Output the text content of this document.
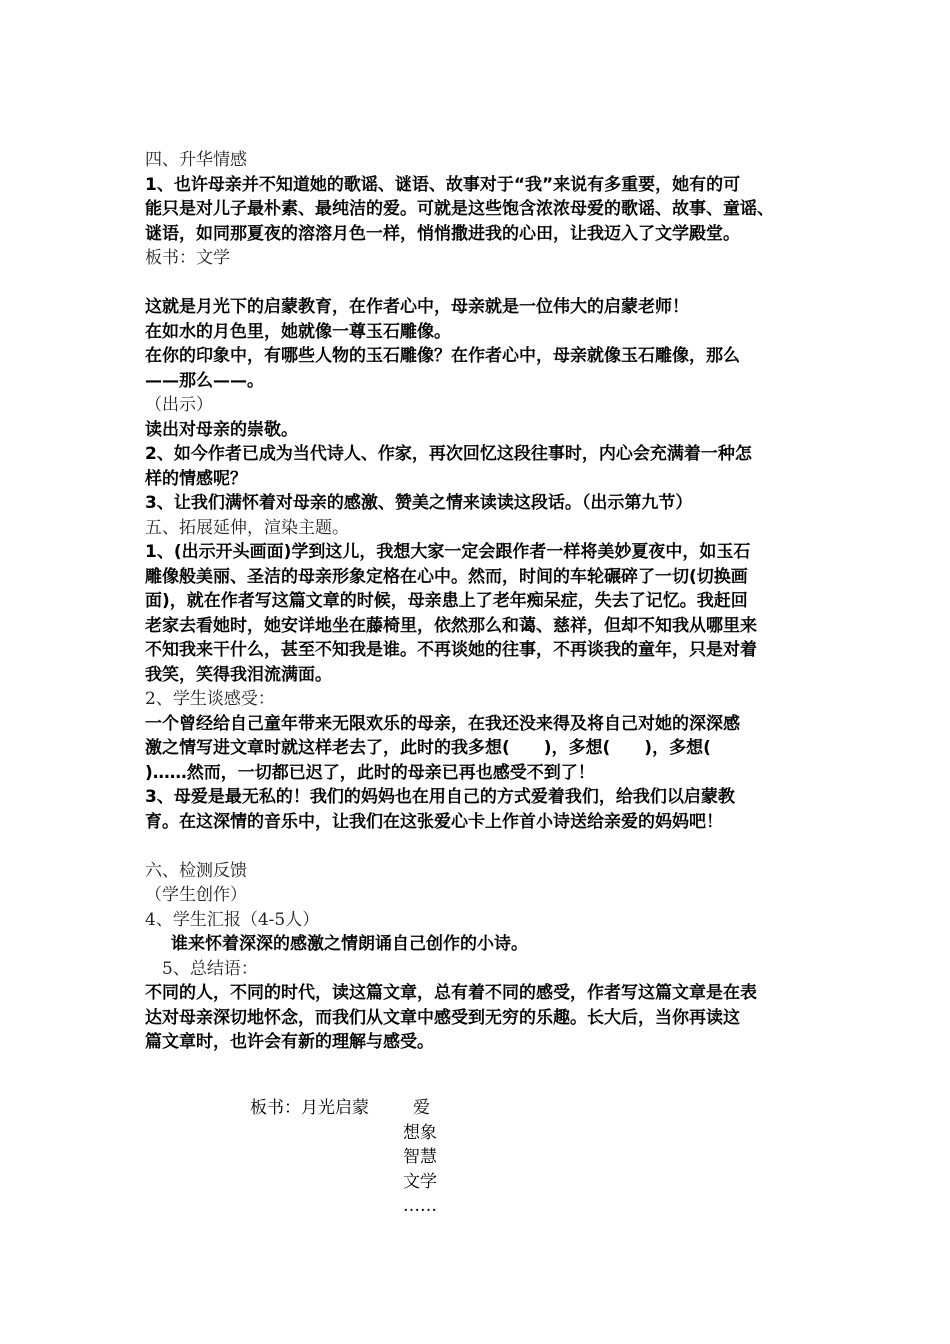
四、升华情感
1、也许母亲并不知道她的歌谣、谜语、故事对于“我”来说有多重要，她有的可
能只是对儿子最朴素、最纯洁的爱。可就是这些饱含浓浓母爱的歌谣、故事、童谣、
谜语，如同那夏夜的溶溶月色一样，悄悄撒进我的心田，让我迈入了文学殿堂。
板书：文学
这就是月光下的启蒙教育，在作者心中，母亲就是一位伟大的启蒙老师！
在如水的月色里，她就像一尊玉石雕像。
在你的印象中，有哪些人物的玉石雕像？在作者心中，母亲就像玉石雕像，那么
——那么——。
（出示）
读出对母亲的崇敬。
2、如今作者已成为当代诗人、作家，再次回忆这段往事时，内心会充满着一种怎
样的情感呢？
3、让我们满怀着对母亲的感激、赞美之情来读读这段话。（出示第九节）
五、拓展延伸，渲染主题。
1、(出示开头画面)学到这儿，我想大家一定会跟作者一样将美妙夏夜中，如玉石
雕像般美丽、圣洁的母亲形象定格在心中。然而，时间的车轮碾碎了一切(切换画
面)，就在作者写这篇文章的时候，母亲患上了老年痴呆症，失去了记忆。我赶回
老家去看她时，她安详地坐在藤椅里，依然那么和蔼、慈祥，但却不知我从哪里来
不知我来干什么，甚至不知我是谁。不再谈她的往事，不再谈我的童年，只是对着
我笑，笑得我泪流满面。
2、学生谈感受：
一个曾经给自己童年带来无限欢乐的母亲，在我还没来得及将自己对她的深深感
激之情写进文章时就这样老去了，此时的我多想(　　)，多想(　　)，多想(
)……然而，一切都已迟了，此时的母亲已再也感受不到了！
3、母爱是最无私的！我们的妈妈也在用自己的方式爱着我们，给我们以启蒙教
育。在这深情的音乐中，让我们在这张爱心卡上作首小诗送给亲爱的妈妈吧！
六、检测反馈
（学生创作）
4、学生汇报（4-5人）
谁来怀着深深的感激之情朗诵自己创作的小诗。
5、总结语：
不同的人，不同的时代，读这篇文章，总有着不同的感受，作者写这篇文章是在表
达对母亲深切地怀念，而我们从文章中感受到无穷的乐趣。长大后，当你再读这
篇文章时，也许会有新的理解与感受。
板书：月光启蒙	爱
想象
智慧
文学
……
